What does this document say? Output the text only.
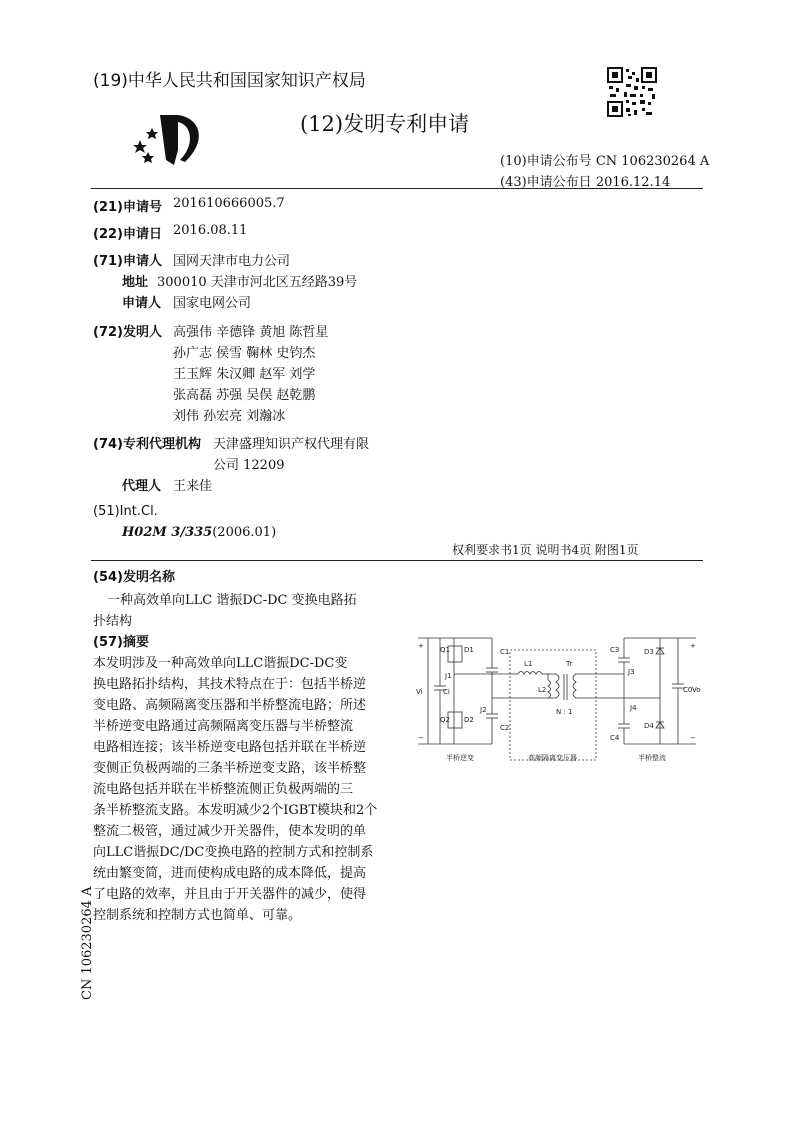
(19)中华人民共和国国家知识产权局
(12)发明专利申请
(10)申请公布号 CN 106230264 A
(43)申请公布日 2016.12.14
(21)申请号 201610666005.7
(22)申请日 2016.08.11
(71)申请人 国网天津市电力公司
地址 300010 天津市河北区五经路39号
申请人 国家电网公司
(72)发明人 高强伟 辛德锋 黄旭 陈哲星
孙广志 侯雪 鞠林 史钧杰
王玉辉 朱汉卿 赵军 刘学
张高磊 苏强 吴俣 赵乾鹏
刘伟 孙宏亮 刘瀚冰
(74)专利代理机构 天津盛理知识产权代理有限
公司 12209
代理人 王来佳
(51)Int.Cl.
H02M 3/335(2006.01)
权利要求书1页 说明书4页 附图1页
(54)发明名称
一种高效单向LLC 谐振DC-DC 变换电路拓
扑结构
(57)摘要
本发明涉及一种高效单向LLC谐振DC-DC变
换电路拓扑结构，其技术特点在于：包括半桥逆
变电路、高频隔离变压器和半桥整流电路；所述
半桥逆变电路通过高频隔离变压器与半桥整流
电路相连接；该半桥逆变电路包括并联在半桥逆
变侧正负极两端的三条半桥逆变支路，该半桥整
流电路包括并联在半桥整流侧正负极两端的三
条半桥整流支路。本发明减少2个IGBT模块和2个
整流二极管，通过减少开关器件，使本发明的单
向LLC谐振DC/DC变换电路的控制方式和控制系
统由繁变简，进而使构成电路的成本降低，提高
了电路的效率，并且由于开关器件的减少，使得
控制系统和控制方式也简单、可靠。
+
−
Vi	Ci
Q1 D1
Q2 D2
J1
J2
C1
C2
L1
L2
Tr
N : 1
C3
C4
J3
J4
D3
D4
C0 Vo
+
−
半桥逆变	高频隔离变压器	半桥整流
CN 106230264 A
